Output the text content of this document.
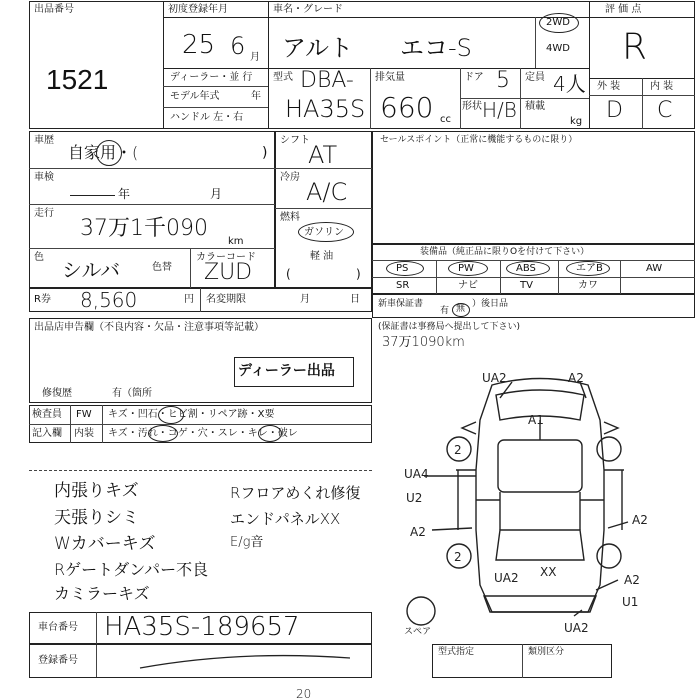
出品番号
1521
初度登録年月
25 6 月
車名・グレード
アルト エコ-S
2WD
4WD
評 価 点
R
ディーラー・並 行
モデル年式	年
ハンドル 左・右
型式 DBA-
HA35S
排気量
660 cc
ドア 5 定員 4人
形状 H/B 積載
kg
外 装	内 装
D C
車歴
自家用・(	)
車検
年	月
走行
37万1千090
km
色
シルバ	色替
カラーコード
ZUD
シフト
AT
冷房
A/C
燃料
ガソリン
軽 油
(	)
R券 8,560	円 名変期限	月	日
セールスポイント（正常に機能するものに限り）
装備品（純正品に限りOを付けて下さい）
PS	PW	ABS	エアB	AW
SR	ナビ	TV	カワ
新車保証書
有 無 ）後日品
(保証書は事務局へ提出して下さい)
37万1090km
出品店申告欄（不良内容・欠品・注意事項等記載）
ディーラー出品
修復歴	有（箇所
検査員
記入欄
FW キズ・凹石・ヒビ割・リペア跡・X要
内装 キズ・汚れ・コゲ・穴・スレ・キレ・破レ
内張りキズ
天張りシミ
Wカバーキズ
Rゲートダンパー不良
カミラーキズ
Rフロアめくれ修復
エンドパネルXX
E/g音
UA2	A2
A1
UA4
U2
A2
A2
2
2
UA2 XX
A2
U1
UA2
スペア
車台番号 HA35S-189657
登録番号
型式指定	類別区分
20
